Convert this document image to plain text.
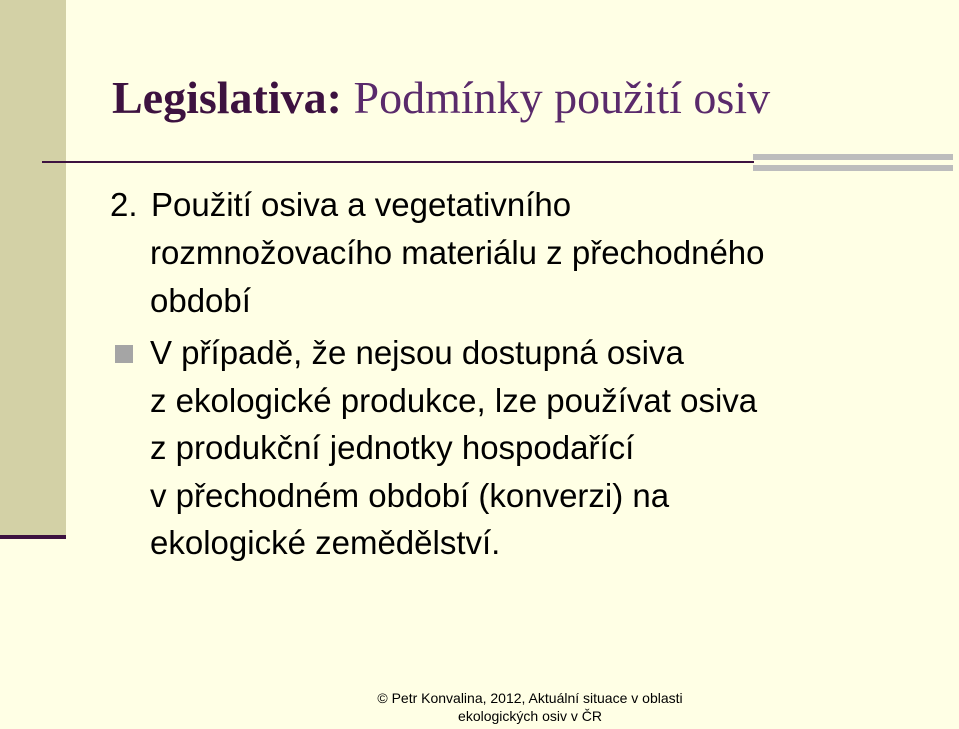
Legislativa: Podmínky použití osiv
2. Použití osiva a vegetativního
rozmnožovacího materiálu z přechodného
období

V případě, že nejsou dostupná osiva
z ekologické produkce, lze používat osiva
z produkční jednotky hospodařící
v přechodném období (konverzi) na
ekologické zemědělství.

© Petr Konvalina, 2012, Aktuální situace v oblasti
ekologických osiv v ČR
